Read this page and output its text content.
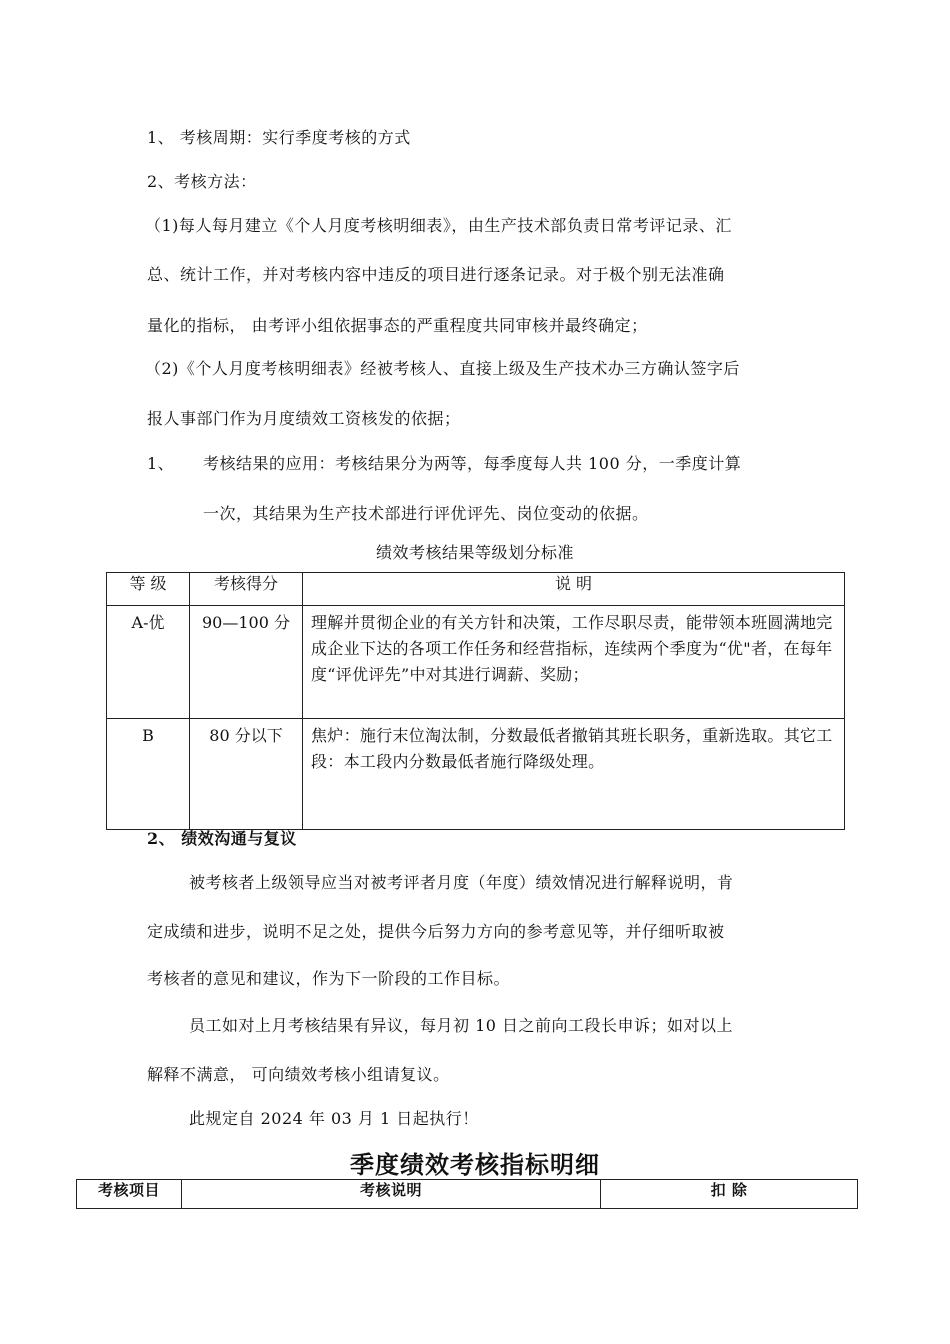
1、 考核周期：实行季度考核的方式
2、考核方法：
（1)每人每月建立《个人月度考核明细表》，由生产技术部负责日常考评记录、汇
总、统计工作，并对考核内容中违反的项目进行逐条记录。对于极个别无法准确
量化的指标， 由考评小组依据事态的严重程度共同审核并最终确定；
（2)《个人月度考核明细表》经被考核人、直接上级及生产技术办三方确认签字后
报人事部门作为月度绩效工资核发的依据；
1、 考核结果的应用：考核结果分为两等，每季度每人共 100 分，一季度计算
一次，其结果为生产技术部进行评优评先、岗位变动的依据。
绩效考核结果等级划分标准
等 级	考核得分	说 明
A-优	90—100 分	理解并贯彻企业的有关方针和决策，工作尽职尽责，能带领本班圆满地完成企业下达的各项工作任务和经营指标，连续两个季度为“优"者，在每年度“评优评先”中对其进行调薪、奖励；
B	80 分以下	焦炉：施行末位淘汰制，分数最低者撤销其班长职务，重新选取。其它工段：本工段内分数最低者施行降级处理。
2、 绩效沟通与复议
被考核者上级领导应当对被考评者月度（年度）绩效情况进行解释说明，肯
定成绩和进步，说明不足之处，提供今后努力方向的参考意见等，并仔细听取被
考核者的意见和建议，作为下一阶段的工作目标。
员工如对上月考核结果有异议，每月初 10 日之前向工段长申诉；如对以上
解释不满意， 可向绩效考核小组请复议。
此规定自 2024 年 03 月 1 日起执行！
季度绩效考核指标明细
考核项目	考核说明	扣 除
